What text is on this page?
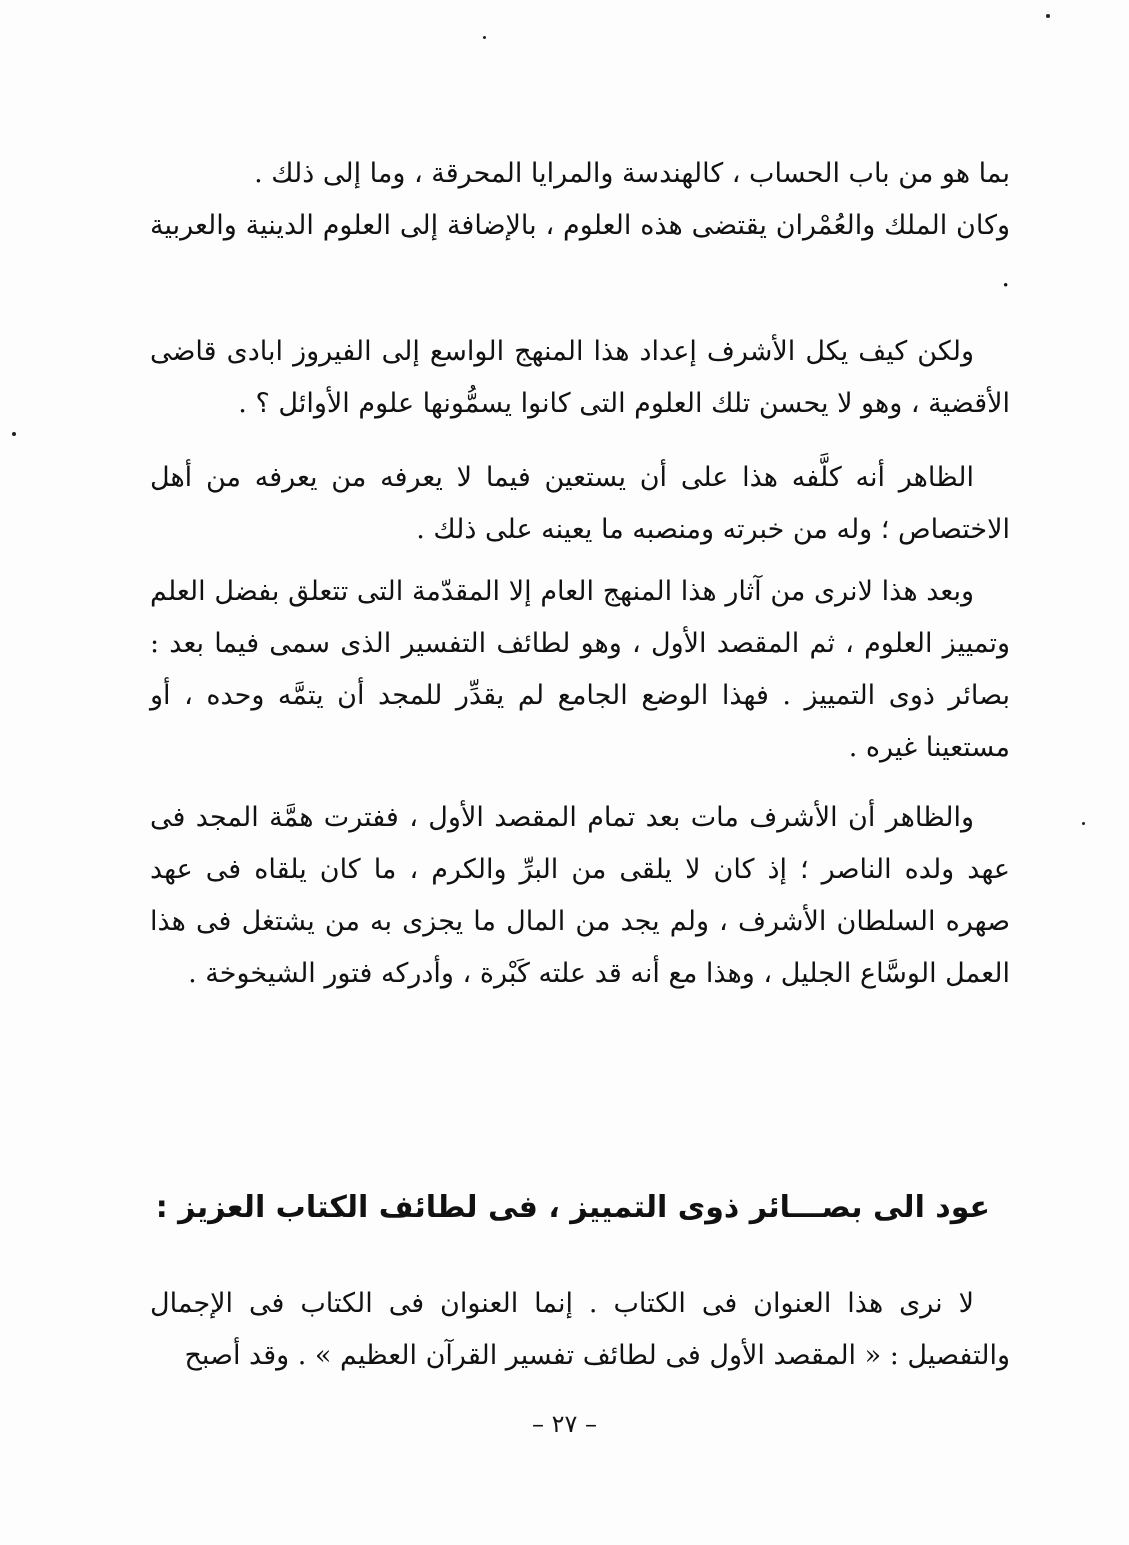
بما هو من باب الحساب ، كالهندسة والمرايا المحرقة ، وما إلى ذلك .

وكان الملك والعُمْران يقتضى هذه العلوم ، بالإضافة إلى العلوم الدينية والعربية .

ولكن كيف يكل الأشرف إعداد هذا المنهج الواسع إلى الفيروز ابادى قاضى الأقضية ، وهو لا يحسن تلك العلوم التى كانوا يسمُّونها علوم الأوائل ؟ .

الظاهر أنه كلَّفه هذا على أن يستعين فيما لا يعرفه من يعرفه من أهل الاختصاص ؛ وله من خبرته ومنصبه ما يعينه على ذلك .

وبعد هذا لانرى من آثار هذا المنهج العام إلا المقدّمة التى تتعلق بفضل العلم وتمييز العلوم ، ثم المقصد الأول ، وهو لطائف التفسير الذى سمى فيما بعد : بصائر ذوى التمييز . فهذا الوضع الجامع لم يقدِّر للمجد أن يتمَّه وحده ، أو مستعينا غيره .

والظاهر أن الأشرف مات بعد تمام المقصد الأول ، ففترت همَّة المجد فى عهد ولده الناصر ؛ إذ كان لا يلقى من البرِّ والكرم ، ما كان يلقاه فى عهد صهره السلطان الأشرف ، ولم يجد من المال ما يجزى به من يشتغل فى هذا العمل الوسَّاع الجليل ، وهذا مع أنه قد علته كَبْرة ، وأدركه فتور الشيخوخة .

عود الى بصـــائر ذوى التمييز ، فى لطائف الكتاب العزيز :

لا نرى هذا العنوان فى الكتاب . إنما العنوان فى الكتاب فى الإجمال والتفصيل : « المقصد الأول فى لطائف تفسير القرآن العظيم » . وقد أصبح

– ٢٧ –
